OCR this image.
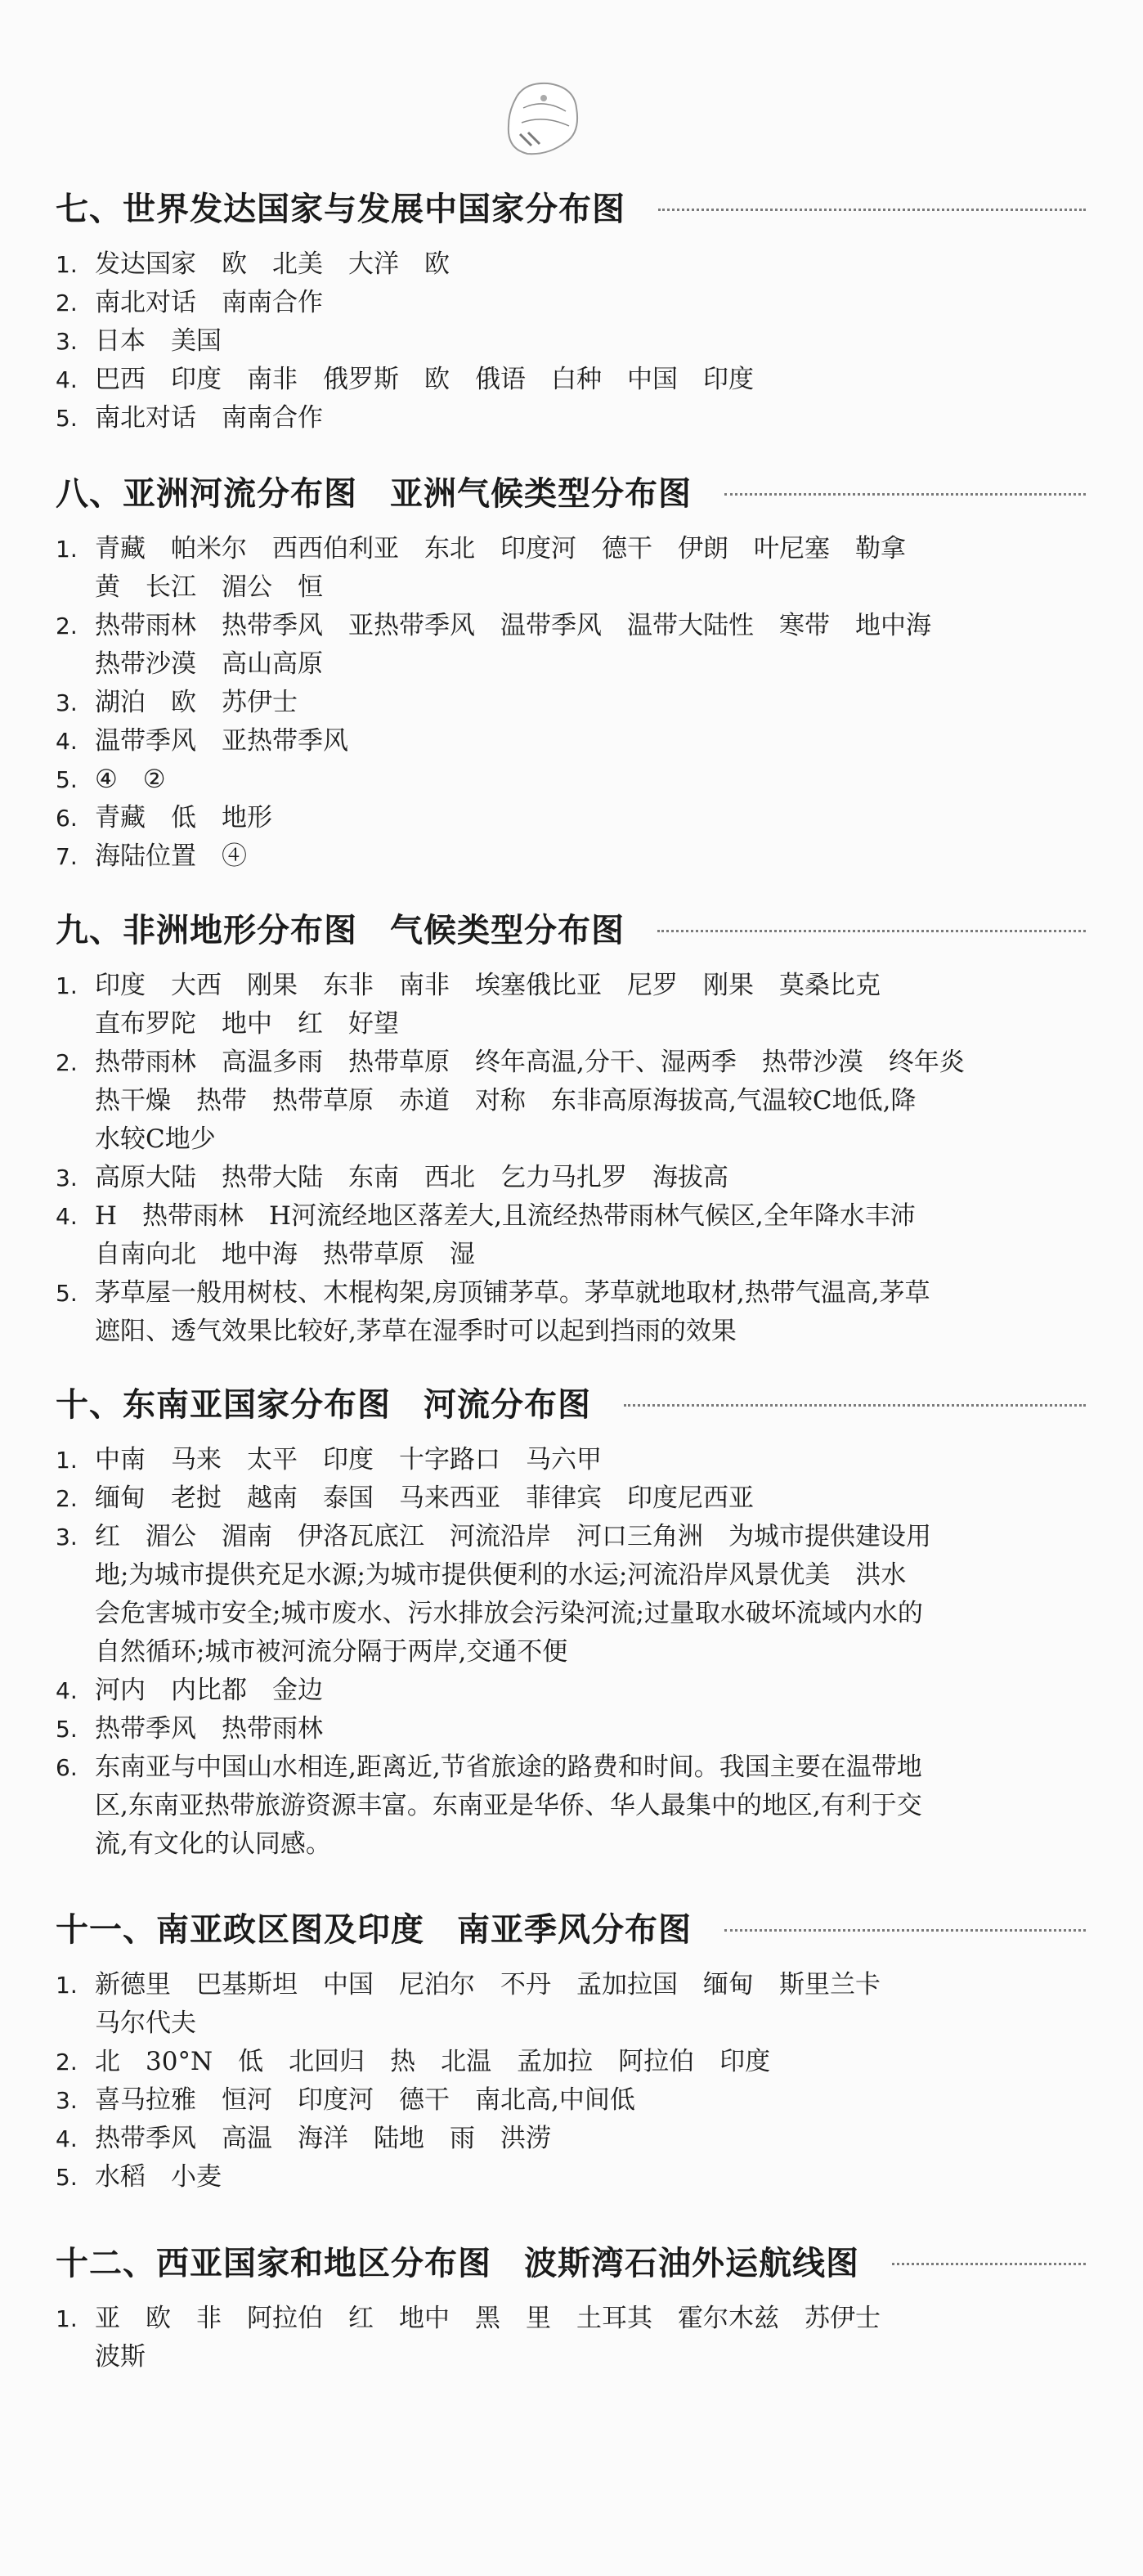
七、世界发达国家与发展中国家分布图
1. 发达国家　欧　北美　大洋　欧
2. 南北对话　南南合作
3. 日本　美国
4. 巴西　印度　南非　俄罗斯　欧　俄语　白种　中国　印度
5. 南北对话　南南合作
八、亚洲河流分布图 亚洲气候类型分布图
1. 青藏　帕米尔　西西伯利亚　东北　印度河　德干　伊朗　叶尼塞　勒拿
黄　长江　湄公　恒
2. 热带雨林　热带季风　亚热带季风　温带季风　温带大陆性　寒带　地中海
热带沙漠　高山高原
3. 湖泊　欧　苏伊士
4. 温带季风　亚热带季风
5. ④　②
6. 青藏　低　地形
7. 海陆位置　④
九、非洲地形分布图 气候类型分布图
1. 印度　大西　刚果　东非　南非　埃塞俄比亚　尼罗　刚果　莫桑比克
直布罗陀　地中　红　好望
2. 热带雨林　高温多雨　热带草原　终年高温,分干、湿两季　热带沙漠　终年炎
热干燥　热带　热带草原　赤道　对称　东非高原海拔高,气温较C地低,降
水较C地少
3. 高原大陆　热带大陆　东南　西北　乞力马扎罗　海拔高
4. H　热带雨林　H河流经地区落差大,且流经热带雨林气候区,全年降水丰沛
自南向北　地中海　热带草原　湿
5. 茅草屋一般用树枝、木棍构架,房顶铺茅草。茅草就地取材,热带气温高,茅草
遮阳、透气效果比较好,茅草在湿季时可以起到挡雨的效果
十、东南亚国家分布图 河流分布图
1. 中南　马来　太平　印度　十字路口　马六甲
2. 缅甸　老挝　越南　泰国　马来西亚　菲律宾　印度尼西亚
3. 红　湄公　湄南　伊洛瓦底江　河流沿岸　河口三角洲　为城市提供建设用
地;为城市提供充足水源;为城市提供便利的水运;河流沿岸风景优美　洪水
会危害城市安全;城市废水、污水排放会污染河流;过量取水破坏流域内水的
自然循环;城市被河流分隔于两岸,交通不便
4. 河内　内比都　金边
5. 热带季风　热带雨林
6. 东南亚与中国山水相连,距离近,节省旅途的路费和时间。我国主要在温带地
区,东南亚热带旅游资源丰富。东南亚是华侨、华人最集中的地区,有利于交
流,有文化的认同感。
十一、南亚政区图及印度 南亚季风分布图
1. 新德里　巴基斯坦　中国　尼泊尔　不丹　孟加拉国　缅甸　斯里兰卡
马尔代夫
2. 北　30°N　低　北回归　热　北温　孟加拉　阿拉伯　印度
3. 喜马拉雅　恒河　印度河　德干　南北高,中间低
4. 热带季风　高温　海洋　陆地　雨　洪涝
5. 水稻　小麦
十二、西亚国家和地区分布图 波斯湾石油外运航线图
1. 亚　欧　非　阿拉伯　红　地中　黑　里　土耳其　霍尔木兹　苏伊士
波斯
